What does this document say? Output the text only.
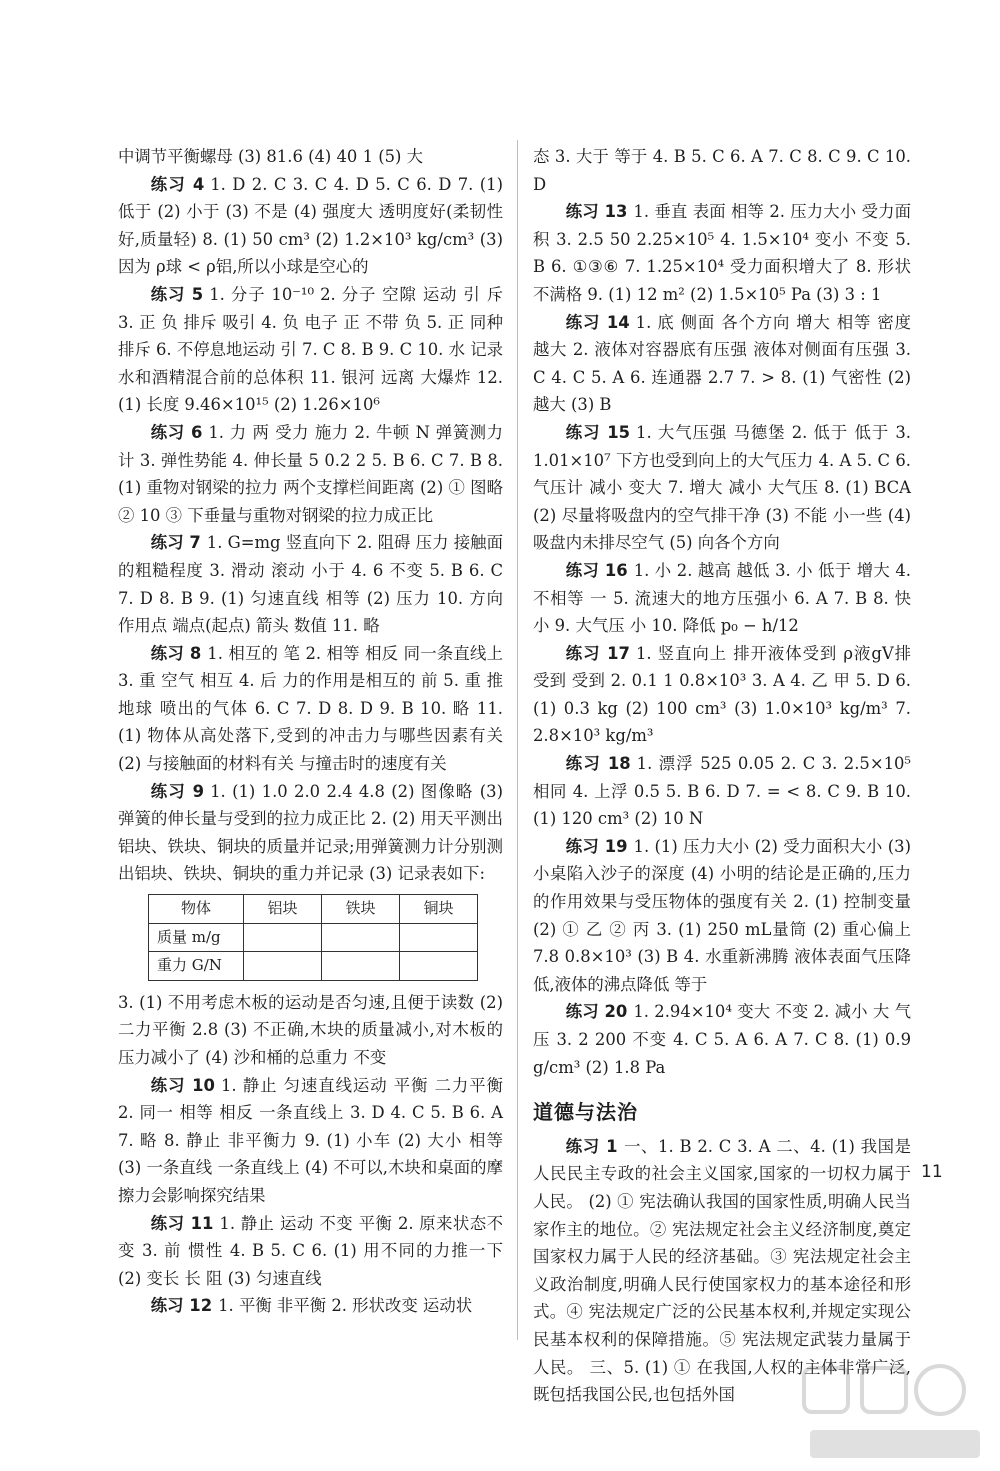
中调节平衡螺母 (3) 81.6 (4) 40 1 (5) 大

练习 4 1. D 2. C 3. C 4. D 5. C 6. D 7. (1) 低于 (2) 小于 (3) 不是 (4) 强度大 透明度好(柔韧性好,质量轻) 8. (1) 50 cm³ (2) 1.2×10³ kg/cm³ (3) 因为 ρ球 < ρ铝,所以小球是空心的

练习 5 1. 分子 10⁻¹⁰ 2. 分子 空隙 运动 引 斥 3. 正 负 排斥 吸引 4. 负 电子 正 不带 负 5. 正 同种 排斥 6. 不停息地运动 引 7. C 8. B 9. C 10. 水 记录水和酒精混合前的总体积 11. 银河 远离 大爆炸 12. (1) 长度 9.46×10¹⁵ (2) 1.26×10⁶

练习 6 1. 力 两 受力 施力 2. 牛顿 N 弹簧测力计 3. 弹性势能 4. 伸长量 5 0.2 2 5. B 6. C 7. B 8. (1) 重物对钢梁的拉力 两个支撑栏间距离 (2) ① 图略 ② 10 ③ 下垂量与重物对钢梁的拉力成正比

练习 7 1. G=mg 竖直向下 2. 阻碍 压力 接触面的粗糙程度 3. 滑动 滚动 小于 4. 6 不变 5. B 6. C 7. D 8. B 9. (1) 匀速直线 相等 (2) 压力 10. 方向 作用点 端点(起点) 箭头 数值 11. 略

练习 8 1. 相互的 笔 2. 相等 相反 同一条直线上 3. 重 空气 相互 4. 后 力的作用是相互的 前 5. 重 推 地球 喷出的气体 6. C 7. D 8. D 9. B 10. 略 11. (1) 物体从高处落下,受到的冲击力与哪些因素有关 (2) 与接触面的材料有关 与撞击时的速度有关

练习 9 1. (1) 1.0 2.0 2.4 4.8 (2) 图像略 (3) 弹簧的伸长量与受到的拉力成正比 2. (2) 用天平测出铝块、铁块、铜块的质量并记录;用弹簧测力计分别测出铝块、铁块、铜块的重力并记录 (3) 记录表如下:

物体	铝块	铁块	铜块
质量 m/g			
重力 G/N			

3. (1) 不用考虑木板的运动是否匀速,且便于读数 (2) 二力平衡 2.8 (3) 不正确,木块的质量减小,对木板的压力减小了 (4) 沙和桶的总重力 不变

练习 10 1. 静止 匀速直线运动 平衡 二力平衡 2. 同一 相等 相反 一条直线上 3. D 4. C 5. B 6. A 7. 略 8. 静止 非平衡力 9. (1) 小车 (2) 大小 相等 (3) 一条直线 一条直线上 (4) 不可以,木块和桌面的摩擦力会影响探究结果

练习 11 1. 静止 运动 不变 平衡 2. 原来状态不变 3. 前 惯性 4. B 5. C 6. (1) 用不同的力推一下 (2) 变长 长 阻 (3) 匀速直线

练习 12 1. 平衡 非平衡 2. 形状改变 运动状

态 3. 大于 等于 4. B 5. C 6. A 7. C 8. C 9. C 10. D

练习 13 1. 垂直 表面 相等 2. 压力大小 受力面积 3. 2.5 50 2.25×10⁵ 4. 1.5×10⁴ 变小 不变 5. B 6. ①③⑥ 7. 1.25×10⁴ 受力面积增大了 8. 形状 不满格 9. (1) 12 m² (2) 1.5×10⁵ Pa (3) 3 : 1

练习 14 1. 底 侧面 各个方向 增大 相等 密度 越大 2. 液体对容器底有压强 液体对侧面有压强 3. C 4. C 5. A 6. 连通器 2.7 7. > 8. (1) 气密性 (2) 越大 (3) B

练习 15 1. 大气压强 马德堡 2. 低于 低于 3. 1.01×10⁷ 下方也受到向上的大气压力 4. A 5. C 6. 气压计 减小 变大 7. 增大 减小 大气压 8. (1) BCA (2) 尽量将吸盘内的空气排干净 (3) 不能 小一些 (4) 吸盘内未排尽空气 (5) 向各个方向

练习 16 1. 小 2. 越高 越低 3. 小 低于 增大 4. 不相等 一 5. 流速大的地方压强小 6. A 7. B 8. 快 小 9. 大气压 小 10. 降低 p₀ − h/12

练习 17 1. 竖直向上 排开液体受到 ρ液gV排 受到 受到 2. 0.1 1 0.8×10³ 3. A 4. 乙 甲 5. D 6. (1) 0.3 kg (2) 100 cm³ (3) 1.0×10³ kg/m³ 7. 2.8×10³ kg/m³

练习 18 1. 漂浮 525 0.05 2. C 3. 2.5×10⁵ 相同 4. 上浮 0.5 5. B 6. D 7. = < 8. C 9. B 10. (1) 120 cm³ (2) 10 N

练习 19 1. (1) 压力大小 (2) 受力面积大小 (3) 小桌陷入沙子的深度 (4) 小明的结论是正确的,压力的作用效果与受压物体的强度有关 2. (1) 控制变量 (2) ① 乙 ② 丙 3. (1) 250 mL量筒 (2) 重心偏上 7.8 0.8×10³ (3) B 4. 水重新沸腾 液体表面气压降低,液体的沸点降低 等于

练习 20 1. 2.94×10⁴ 变大 不变 2. 减小 大 气压 3. 2 200 不变 4. C 5. A 6. A 7. C 8. (1) 0.9 g/cm³ (2) 1.8 Pa

道德与法治

练习 1 一、1. B 2. C 3. A 二、4. (1) 我国是人民民主专政的社会主义国家,国家的一切权力属于人民。 (2) ① 宪法确认我国的国家性质,明确人民当家作主的地位。② 宪法规定社会主义经济制度,奠定国家权力属于人民的经济基础。③ 宪法规定社会主义政治制度,明确人民行使国家权力的基本途径和形式。④ 宪法规定广泛的公民基本权利,并规定实现公民基本权利的保障措施。⑤ 宪法规定武装力量属于人民。 三、5. (1) ① 在我国,人权的主体非常广泛,既包括我国公民,也包括外国

11
